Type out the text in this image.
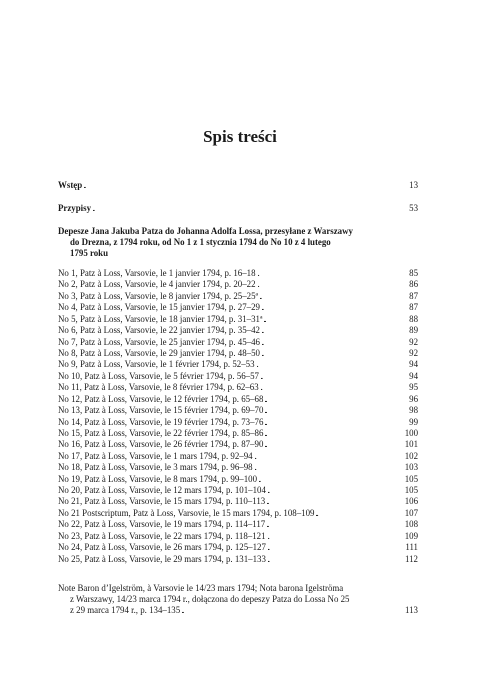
Spis treści
Wstęp . . .	13
Przypisy . . .	53
Depesze Jana Jakuba Patza do Johanna Adolfa Lossa, przesyłane z Warszawy
do Drezna, z 1794 roku, od No 1 z 1 stycznia 1794 do No 10 z 4 lutego
1795 roku
No 1, Patz à Loss, Varsovie, le 1 janvier 1794, p. 16–18 . . .	85
No 2, Patz à Loss, Varsovie, le 4 janvier 1794, p. 20–22 . . .	86
No 3, Patz à Loss, Varsovie, le 8 janvier 1794, p. 25–25ª . . .	87
No 4, Patz à Loss, Varsovie, le 15 janvier 1794, p. 27–29 . . .	87
No 5, Patz à Loss, Varsovie, le 18 janvier 1794, p. 31–31ª . . .	88
No 6, Patz à Loss, Varsovie, le 22 janvier 1794, p. 35–42 . . .	89
No 7, Patz à Loss, Varsovie, le 25 janvier 1794, p. 45–46 . . .	92
No 8, Patz à Loss, Varsovie, le 29 janvier 1794, p. 48–50 . . .	92
No 9, Patz à Loss, Varsovie, le 1 février 1794, p. 52–53 . . .	94
No 10, Patz à Loss, Varsovie, le 5 février 1794, p. 56–57 . . .	94
No 11, Patz à Loss, Varsovie, le 8 février 1794, p. 62–63 . . .	95
No 12, Patz à Loss, Varsovie, le 12 février 1794, p. 65–68 . . .	96
No 13, Patz à Loss, Varsovie, le 15 février 1794, p. 69–70 . . .	98
No 14, Patz à Loss, Varsovie, le 19 février 1794, p. 73–76 . . .	99
No 15, Patz à Loss, Varsovie, le 22 février 1794, p. 85–86 . . .	100
No 16, Patz à Loss, Varsovie, le 26 février 1794, p. 87–90 . . .	101
No 17, Patz à Loss, Varsovie, le 1 mars 1794, p. 92–94 . . .	102
No 18, Patz à Loss, Varsovie, le 3 mars 1794, p. 96–98 . . .	103
No 19, Patz à Loss, Varsovie, le 8 mars 1794, p. 99–100 . . .	105
No 20, Patz à Loss, Varsovie, le 12 mars 1794, p. 101–104 . . .	105
No 21, Patz à Loss, Varsovie, le 15 mars 1794, p. 110–113 . . .	106
No 21 Postscriptum, Patz à Loss, Varsovie, le 15 mars 1794, p. 108–109 . . .	107
No 22, Patz à Loss, Varsovie, le 19 mars 1794, p. 114–117 . . .	108
No 23, Patz à Loss, Varsovie, le 22 mars 1794, p. 118–121 . . .	109
No 24, Patz à Loss, Varsovie, le 26 mars 1794, p. 125–127 . . .	111
No 25, Patz à Loss, Varsovie, le 29 mars 1794, p. 131–133 . . .	112
Note Baron d’Igelström, à Varsovie le 14/23 mars 1794; Nota barona Igelströma
z Warszawy, 14/23 marca 1794 r., dołączona do depeszy Patza do Lossa No 25
z 29 marca 1794 r., p. 134–135 . . .	113
